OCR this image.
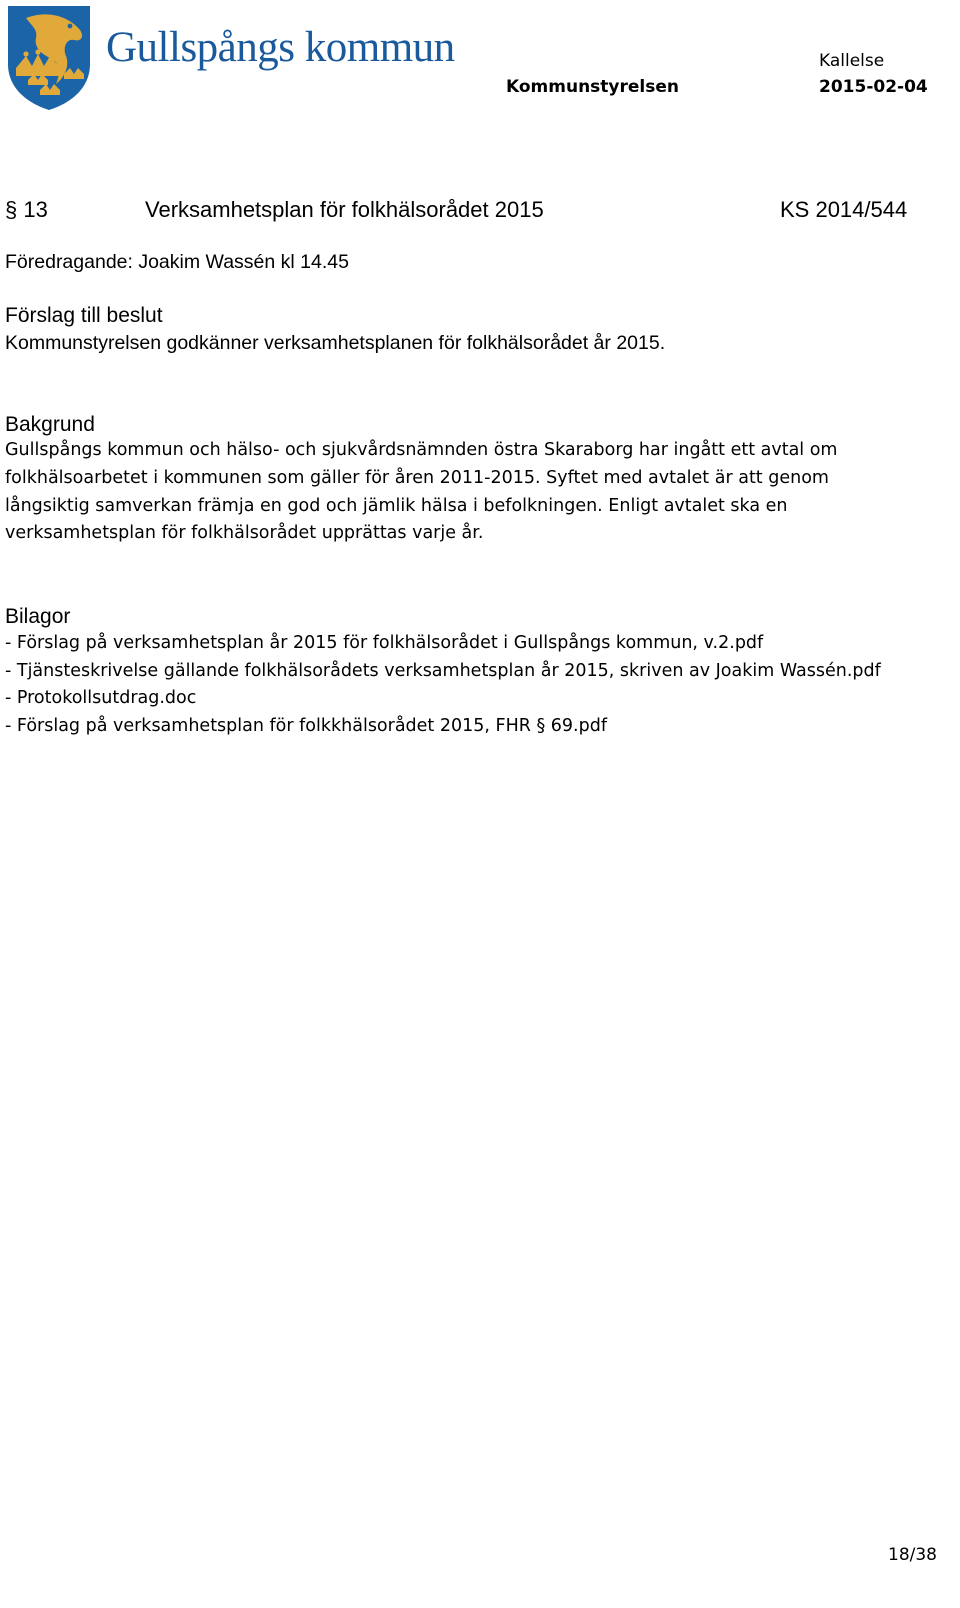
Gullspångs kommun
Kommunstyrelsen
Kallelse
2015-02-04
§ 13	Verksamhetsplan för folkhälsorådet 2015	KS 2014/544
Föredragande: Joakim Wassén kl 14.45
Förslag till beslut
Kommunstyrelsen godkänner verksamhetsplanen för folkhälsorådet år 2015.
Bakgrund
Gullspångs kommun och hälso- och sjukvårdsnämnden östra Skaraborg har ingått ett avtal om
folkhälsoarbetet i kommunen som gäller för åren 2011-2015. Syftet med avtalet är att genom
långsiktig samverkan främja en god och jämlik hälsa i befolkningen. Enligt avtalet ska en
verksamhetsplan för folkhälsorådet upprättas varje år.
Bilagor
- Förslag på verksamhetsplan år 2015 för folkhälsorådet i Gullspångs kommun, v.2.pdf
- Tjänsteskrivelse gällande folkhälsorådets verksamhetsplan år 2015, skriven av Joakim Wassén.pdf
- Protokollsutdrag.doc
- Förslag på verksamhetsplan för folkkhälsorådet 2015, FHR § 69.pdf
18/38
